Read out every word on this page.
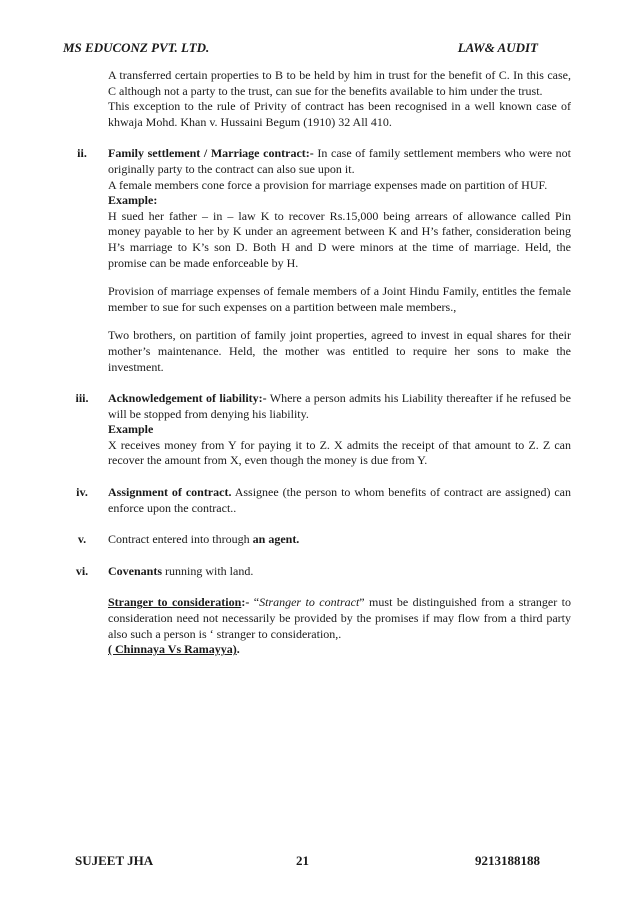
MS EDUCONZ PVT. LTD.	LAW& AUDIT

A transferred certain properties to B to be held by him in trust for the benefit of C. In this case, C although not a party to the trust, can sue for the benefits available to him under the trust.

This exception to the rule of Privity of contract has been recognised in a well known case of khwaja Mohd. Khan v. Hussaini Begum (1910) 32 All 410.

ii.	Family settlement / Marriage contract:- In case of family settlement members who were not originally party to the contract can also sue upon it.

A female members cone force a provision for marriage expenses made on partition of HUF.

Example:

H sued her father – in – law K to recover Rs.15,000 being arrears of allowance called Pin money payable to her by K under an agreement between K and H’s father, consideration being H’s marriage to K’s son D. Both H and D were minors at the time of marriage. Held, the promise can be made enforceable by H.

Provision of marriage expenses of female members of a Joint Hindu Family, entitles the female member to sue for such expenses on a partition between male members.,

Two brothers, on partition of family joint properties, agreed to invest in equal shares for their mother’s maintenance. Held, the mother was entitled to require her sons to make the investment.

iii.	Acknowledgement of liability:- Where a person admits his Liability thereafter if he refused be will be stopped from denying his liability.

Example

X receives money from Y for paying it to Z. X admits the receipt of that amount to Z. Z can recover the amount from X, even though the money is due from Y.

iv.	Assignment of contract. Assignee (the person to whom benefits of contract are assigned) can enforce upon the contract..

v.	Contract entered into through an agent.

vi.	Covenants running with land.

Stranger to consideration:- “Stranger to contract” must be distinguished from a stranger to consideration need not necessarily be provided by the promises if may flow from a third party also such a person is ‘ stranger to consideration,.

( Chinnaya Vs Ramayya).

SUJEET JHA	21	9213188188
